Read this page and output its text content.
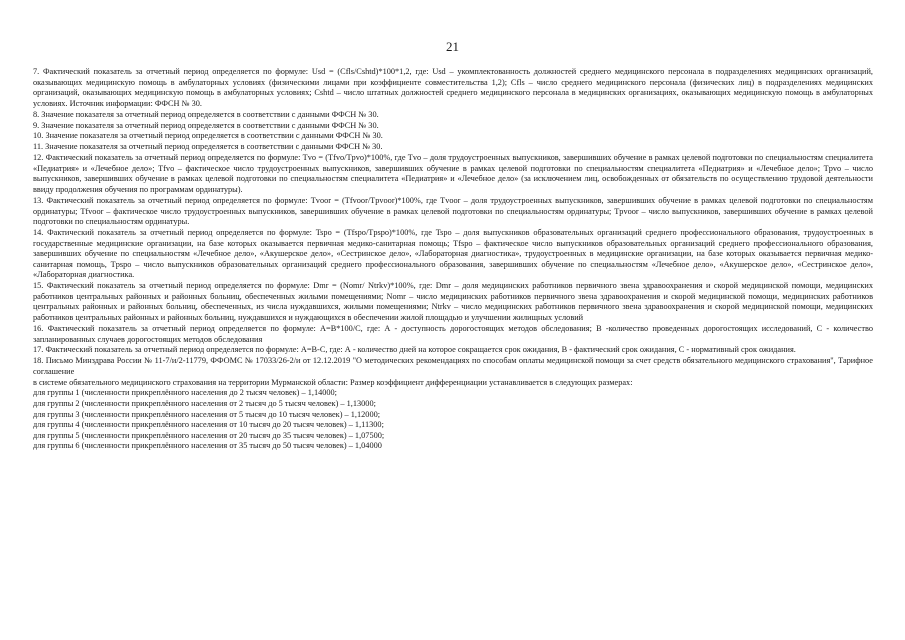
21

7. Фактический показатель за отчетный период определяется по формуле: Usd = (Cfls/Cshtd)*100*1,2, где: Usd – укомплектованность должностей среднего медицинского персонала в подразделениях медицинских организаций, оказывающих медицинскую помощь в амбулаторных условиях (физическими лицами при коэффициенте совместительства 1,2); Cfls – число среднего медицинского персонала (физических лиц) в подразделениях медицинских организаций, оказывающих медицинскую помощь в амбулаторных условиях; Cshtd – число штатных должностей среднего медицинского персонала в медицинских организациях, оказывающих медицинскую помощь в амбулаторных условиях. Источник информации: ФФСН № 30.

8. Значение показателя за отчетный период определяется в соответствии с данными ФФСН № 30.

9. Значение показателя за отчетный период определяется в соответствии с данными ФФСН № 30.

10. Значение показателя за отчетный период определяется в соответствии с данными ФФСН № 30.

11. Значение показателя за отчетный период определяется в соответствии с данными ФФСН № 30.

12. Фактический показатель за отчетный период определяется по формуле: Tvo = (Tfvo/Tpvo)*100%, где Tvo – доля трудоустроенных выпускников, завершивших обучение в рамках целевой подготовки по специальностям специалитета «Педиатрия» и «Лечебное дело»; Tfvo – фактическое число трудоустроенных выпускников, завершивших обучение в рамках целевой подготовки по специальностям специалитета «Педиатрия» и «Лечебное дело»; Tpvo – число выпускников, завершивших обучение в рамках целевой подготовки по специальностям специалитета «Педиатрия» и «Лечебное дело» (за исключением лиц, освобожденных от обязательств по осуществлению трудовой деятельности ввиду продолжения обучения по программам ординатуры).

13. Фактический показатель за отчетный период определяется по формуле: Tvoor = (Tfvoor/Tpvoor)*100%, где Tvoor – доля трудоустроенных выпускников, завершивших обучение в рамках целевой подготовки по специальностям ординатуры; Tfvoor – фактическое число трудоустроенных выпускников, завершивших обучение в рамках целевой подготовки по специальностям ординатуры; Tpvoor – число выпускников, завершивших обучение в рамках целевой подготовки по специальностям ординатуры.

14. Фактический показатель за отчетный период определяется по формуле: Tspo = (Tfspo/Tpspo)*100%, где Tspo – доля выпускников образовательных организаций среднего профессионального образования, трудоустроенных в государственные медицинские организации, на базе которых оказывается первичная медико-санитарная помощь; Tfspo – фактическое число выпускников образовательных организаций среднего профессионального образования, завершивших обучение по специальностям «Лечебное дело», «Акушерское дело», «Сестринское дело», «Лабораторная диагностика», трудоустроенных в медицинские организации, на базе которых оказывается первичная медико-санитарная помощь, Tpspo – число выпускников образовательных организаций среднего профессионального образования, завершивших обучение по специальностям «Лечебное дело», «Акушерское дело», «Сестринское дело», «Лабораторная диагностика.

15. Фактический показатель за отчетный период определяется по формуле: Dmr = (Nomr/ Ntrkv)*100%, где: Dmr – доля медицинских работников первичного звена здравоохранения и скорой медицинской помощи, медицинских работников центральных районных и районных больниц, обеспеченных жилыми помещениями; Nomr – число медицинских работников первичного звена здравоохранения и скорой медицинской помощи, медицинских работников центральных районных и районных больниц, обеспеченных, из числа нуждавшихся, жилыми помещениями; Ntrkv – число медицинских работников первичного звена здравоохранения и скорой медицинской помощи, медицинских работников центральных районных и районных больниц, нуждавшихся и нуждающихся в обеспечении жилой площадью и улучшении жилищных условий

16. Фактический показатель за отчетный период определяется по формуле: А=B*100/C, где: А - доступность дорогостоящих методов обследования; В -количество проведенных дорогостоящих исследований, С - количество запланированных случаев дорогостоящих методов обследования

17. Фактический показатель за отчетный период определяется по формуле: А=В-С, где: А - количество дней на которое сокращается срок ожидания, В - фактический срок ожидания, С - нормативный срок ожидания.

18. Письмо Минздрава России № 11-7/и/2-11779, ФФОМС № 17033/26-2/и от 12.12.2019 "О методических рекомендациях по способам оплаты медицинской помощи за счет средств обязательного медицинского страхования", Тарифное соглашение

в системе обязательного медицинского страхования на территории Мурманской области: Размер коэффициент дифференциации устанавливается в следующих размерах:

для группы 1 (численности прикреплённого населения до 2 тысяч человек) – 1,14000;

для группы 2 (численности прикреплённого населения от 2 тысяч до 5 тысяч человек) – 1,13000;

для группы 3 (численности прикреплённого населения от 5 тысяч до 10 тысяч человек) – 1,12000;

для группы 4 (численности прикреплённого населения от 10 тысяч до 20 тысяч человек) – 1,11300;

для группы 5 (численности прикреплённого населения от 20 тысяч до 35 тысяч человек) – 1,07500;

для группы 6 (численности прикреплённого населения от 35 тысяч до 50 тысяч человек) – 1,04000
